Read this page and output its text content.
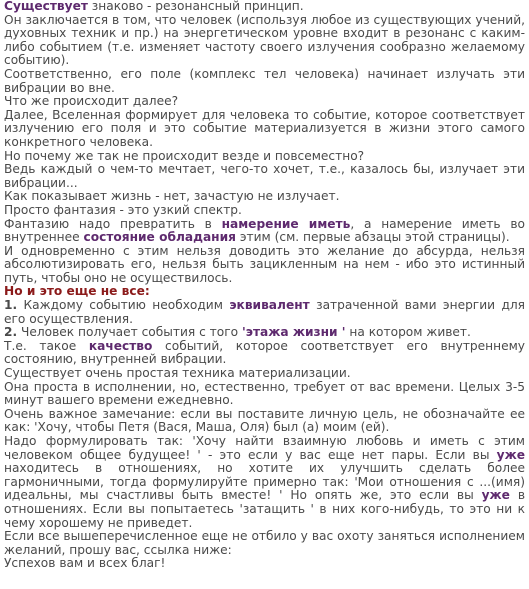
Существует знаково - резонансный принцип.

Он заключается в том, что человек (используя любое из существующих учений, духовных техник и пр.) на энергетическом уровне входит в резонанс с каким-либо событием (т.е. изменяет частоту своего излучения сообразно желаемому событию).

Соответственно, его поле (комплекс тел человека) начинает излучать эти вибрации во вне.

Что же происходит далее?

Далее, Вселенная формирует для человека то событие, которое соответствует излучению его поля и это событие материализуется в жизни этого самого конкретного человека.

Но почему же так не происходит везде и повсеместно?

Ведь каждый о чем-то мечтает, чего-то хочет, т.е., казалось бы, излучает эти вибрации...

Как показывает жизнь - нет, зачастую не излучает.

Просто фантазия - это узкий спектр.

Фантазию надо превратить в намерение иметь, а намерение иметь во внутреннее состояние обладания этим (см. первые абзацы этой страницы).

И одновременно с этим нельзя доводить это желание до абсурда, нельзя абсолютизировать его, нельзя быть зацикленным на нем - ибо это истинный путь, чтобы оно не осуществилось.

Но и это еще не все:

1. Каждому событию необходим эквивалент затраченной вами энергии для его осуществления.

2. Человек получает события с того 'этажа жизни ' на котором живет.

Т.е. такое качество событий, которое соответствует его внутреннему состоянию, внутренней вибрации.

Существует очень простая техника материализации.

Она проста в исполнении, но, естественно, требует от вас времени. Целых 3-5 минут вашего времени ежедневно.

Очень важное замечание: если вы поставите личную цель, не обозначайте ее как: 'Хочу, чтобы Петя (Вася, Маша, Оля) был (а) моим (ей).

Надо формулировать так: 'Хочу найти взаимную любовь и иметь с этим человеком общее будущее! ' - это если у вас еще нет пары. Если вы уже находитесь в отношениях, но хотите их улучшить сделать более гармоничными, тогда формулируйте примерно так: 'Мои отношения с ...(имя) идеальны, мы счастливы быть вместе! ' Но опять же, это если вы уже в отношениях. Если вы попытаетесь 'затащить ' в них кого-нибудь, то это ни к чему хорошему не приведет.

Если все вышеперечисленное еще не отбило у вас охоту заняться исполнением желаний, прошу вас, ссылка ниже:

Успехов вам и всех благ!
